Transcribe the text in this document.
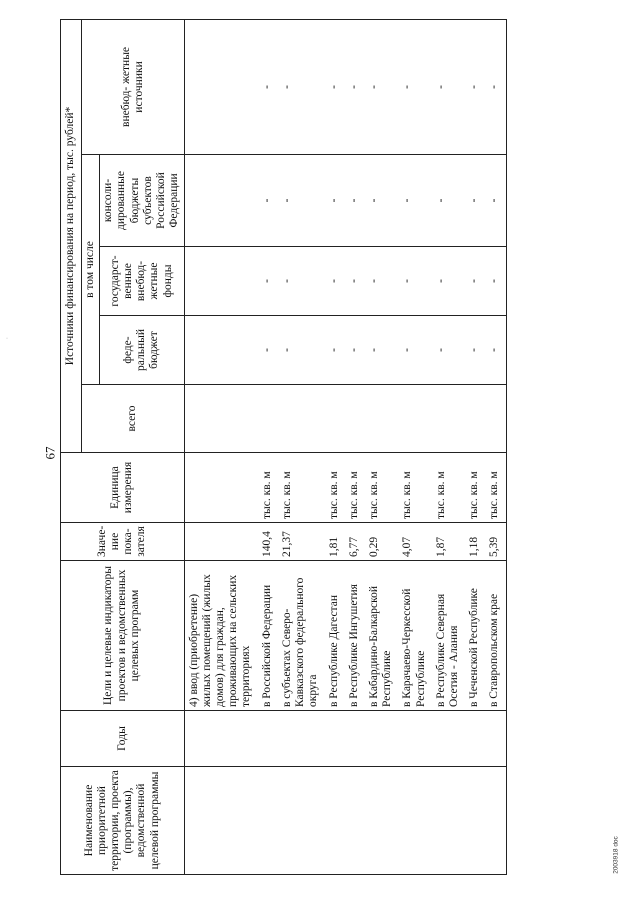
67
2003918 doc
·
Наименование приоритетной территории, проекта (программы), ведомственной целевой программы	Годы	Цели и целевые индикаторы проектов и ведомственных целевых программ	Значе- ние пока- зателя	Единица измерения	Источники финансирования на период, тыс. рублей*				
					всего	в том числе			внебюд- жетные источники
						феде- ральный бюджет	государст- венные внебюд- жетные фонды	консоли- дированные бюджеты субъектов Российской Федерации	
		4) ввод (приобретение) жилых помещений (жилых домов) для граждан, проживающих на сельских территориях							
		в Российской Федерации	140,4	тыс. кв. м		-	-	-	-
		в субъектах Северо-Кавказского федерального округа	21,37	тыс. кв. м		-	-	-	-
		в Республике Дагестан	1,81	тыс. кв. м		-	-	-	-
		в Республике Ингушетия	6,77	тыс. кв. м		-	-	-	-
		в Кабардино-Балкарской Республике	0,29	тыс. кв. м		-	-	-	-
		в Карачаево-Черкесской Республике	4,07	тыс. кв. м		-	-	-	-
		в Республике Северная Осетия - Алания	1,87	тыс. кв. м		-	-	-	-
		в Чеченской Республике	1,18	тыс. кв. м		-	-	-	-
		в Ставропольском крае	5,39	тыс. кв. м		-	-	-	-
